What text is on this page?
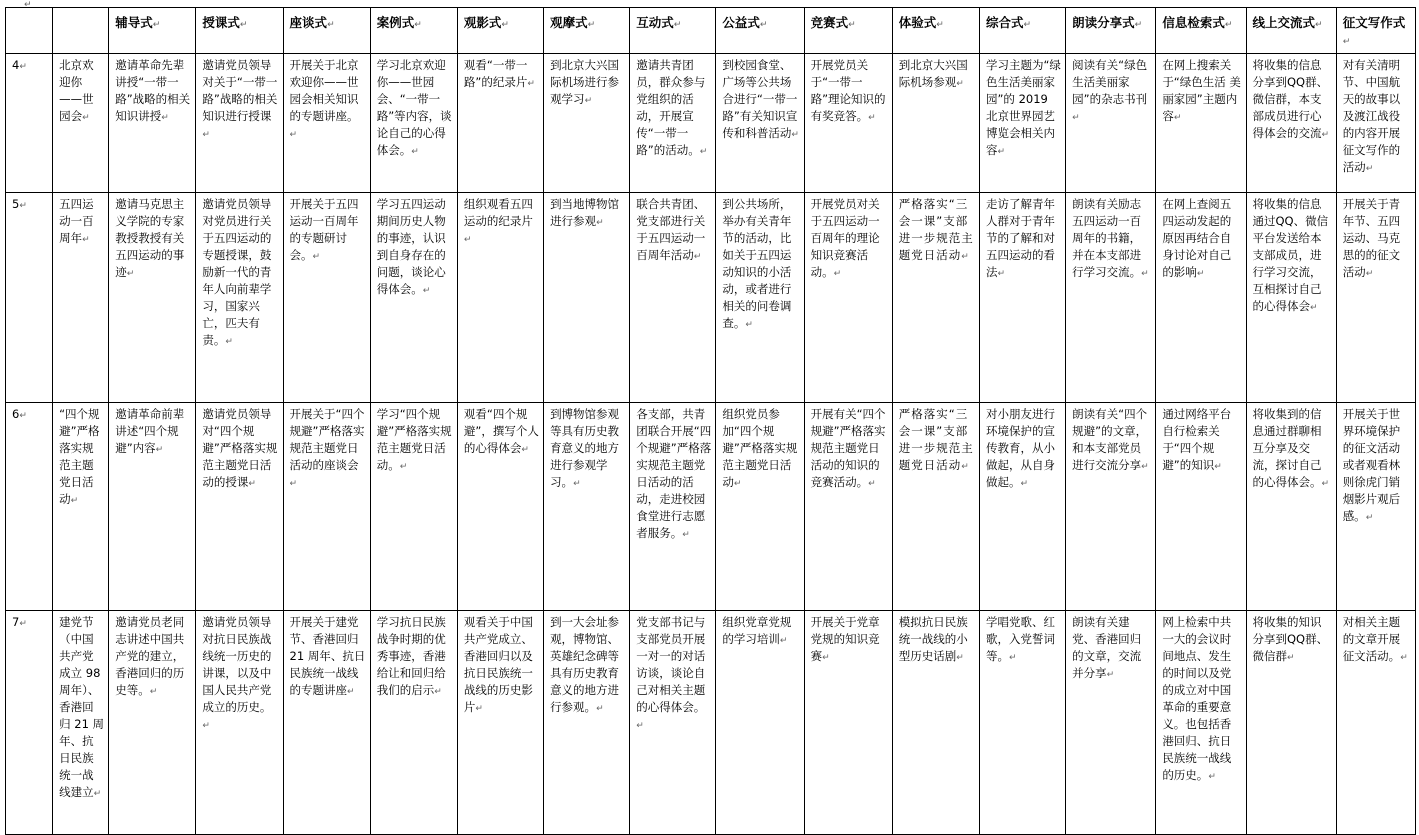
↵
		辅导式↵	授课式↵	座谈式↵	案例式↵	观影式↵	观摩式↵	互动式↵	公益式↵	竞赛式↵	体验式↵	综合式↵	朗读分享式↵	信息检索式↵	线上交流式↵	征文写作式↵
4↵	北京欢迎你——世园会↵	邀请革命先辈讲授“一带一路”战略的相关知识讲授↵	邀请党员领导对关于“一带一路”战略的相关知识进行授课↵	开展关于北京欢迎你——世园会相关知识的专题讲座。↵	学习北京欢迎你——世园会、“一带一路”等内容，谈论自己的心得体会。↵	观看“一带一路”的纪录片↵	到北京大兴国际机场进行参观学习↵	邀请共青团员，群众参与党组织的活动，开展宣传“一带一路”的活动。↵	到校园食堂、广场等公共场合进行“一带一路”有关知识宣传和科普活动↵	开展党员关于“一带一路”理论知识的有奖竞答。↵	到北京大兴国际机场参观↵	学习主题为“绿色生活美丽家园”的 2019 北京世界园艺博览会相关内容↵	阅读有关“绿色生活美丽家园”的杂志书刊↵	在网上搜索关于“绿色生活 美丽家园”主题内容↵	将收集的信息分享到QQ群、微信群，本支部成员进行心得体会的交流↵	对有关清明节、中国航天的故事以及渡江战役的内容开展征文写作的活动↵
5↵	五四运动一百周年↵	邀请马克思主义学院的专家教授教授有关五四运动的事迹↵	邀请党员领导对党员进行关于五四运动的专题授课，鼓励新一代的青年人向前辈学习，国家兴亡，匹夫有责。↵	开展关于五四运动一百周年的专题研讨会。↵	学习五四运动期间历史人物的事迹，认识到自身存在的问题，谈论心得体会。↵	组织观看五四运动的纪录片↵	到当地博物馆进行参观↵	联合共青团、党支部进行关于五四运动一百周年活动↵	到公共场所，举办有关青年节的活动，比如关于五四运动知识的小活动，或者进行相关的问卷调查。↵	开展党员对关于五四运动一百周年的理论知识竞赛活动。↵	严格落实“三会一课”支部进一步规范主题党日活动↵	走访了解青年人群对于青年节的了解和对五四运动的看法↵	朗读有关励志五四运动一百周年的书籍，并在本支部进行学习交流。↵	在网上查阅五四运动发起的原因再结合自身讨论对自己的影响↵	将收集的信息通过QQ、微信平台发送给本支部成员，进行学习交流，互相探讨自己的心得体会↵	开展关于青年节、五四运动、马克思的的征文活动↵
6↵	“四个规避”严格落实规范主题党日活动↵	邀请革命前辈讲述“四个规避”内容↵	邀请党员领导对“四个规避”严格落实规范主题党日活动的授课↵	开展关于“四个规避”严格落实规范主题党日活动的座谈会↵	学习“四个规避”严格落实规范主题党日活动。↵	观看“四个规避”，撰写个人的心得体会↵	到博物馆参观等具有历史教育意义的地方进行参观学习。↵	各支部，共青团联合开展“四个规避”严格落实规范主题党日活动的活动，走进校园食堂进行志愿者服务。↵	组织党员参加“四个规避”严格落实规范主题党日活动↵	开展有关“四个规避”严格落实规范主题党日活动的知识的竞赛活动。↵	严格落实“三会一课”支部进一步规范主题党日活动↵	对小朋友进行环境保护的宣传教育，从小做起，从自身做起。↵	朗读有关“四个规避”的文章，和本支部党员进行交流分享↵	通过网络平台自行检索关于“四个规避”的知识↵	将收集到的信息通过群聊相互分享及交流，探讨自己的心得体会。↵	开展关于世界环境保护的征文活动或者观看林则徐虎门销烟影片观后感。↵
7↵	建党节（中国共产党成立 98 周年）、香港回归 21 周年、抗日民族统一战线建立↵	邀请党员老同志讲述中国共产党的建立，香港回归的历史等。↵	邀请党员领导对抗日民族战线统一历史的讲课，以及中国人民共产党成立的历史。↵	开展关于建党节、香港回归 21 周年、抗日民族统一战线的专题讲座↵	学习抗日民族战争时期的优秀事迹，香港给让和回归给我们的启示↵	观看关于中国共产党成立、香港回归以及抗日民族统一战线的历史影片↵	到一大会址参观，博物馆、英雄纪念碑等具有历史教育意义的地方进行参观。↵	党支部书记与支部党员开展一对一的对话访谈，谈论自己对相关主题的心得体会。↵	组织党章党规的学习培训↵	开展关于党章党规的知识竞赛↵	模拟抗日民族统一战线的小型历史话剧↵	学唱党歌、红歌，入党誓词等。↵	朗读有关建党、香港回归的文章，交流并分享↵	网上检索中共一大的会议时间地点、发生的时间以及党的成立对中国革命的重要意义。也包括香港回归、抗日民族统一战线的历史。↵	将收集的知识分享到QQ群、微信群↵	对相关主题的文章开展征文活动。↵
